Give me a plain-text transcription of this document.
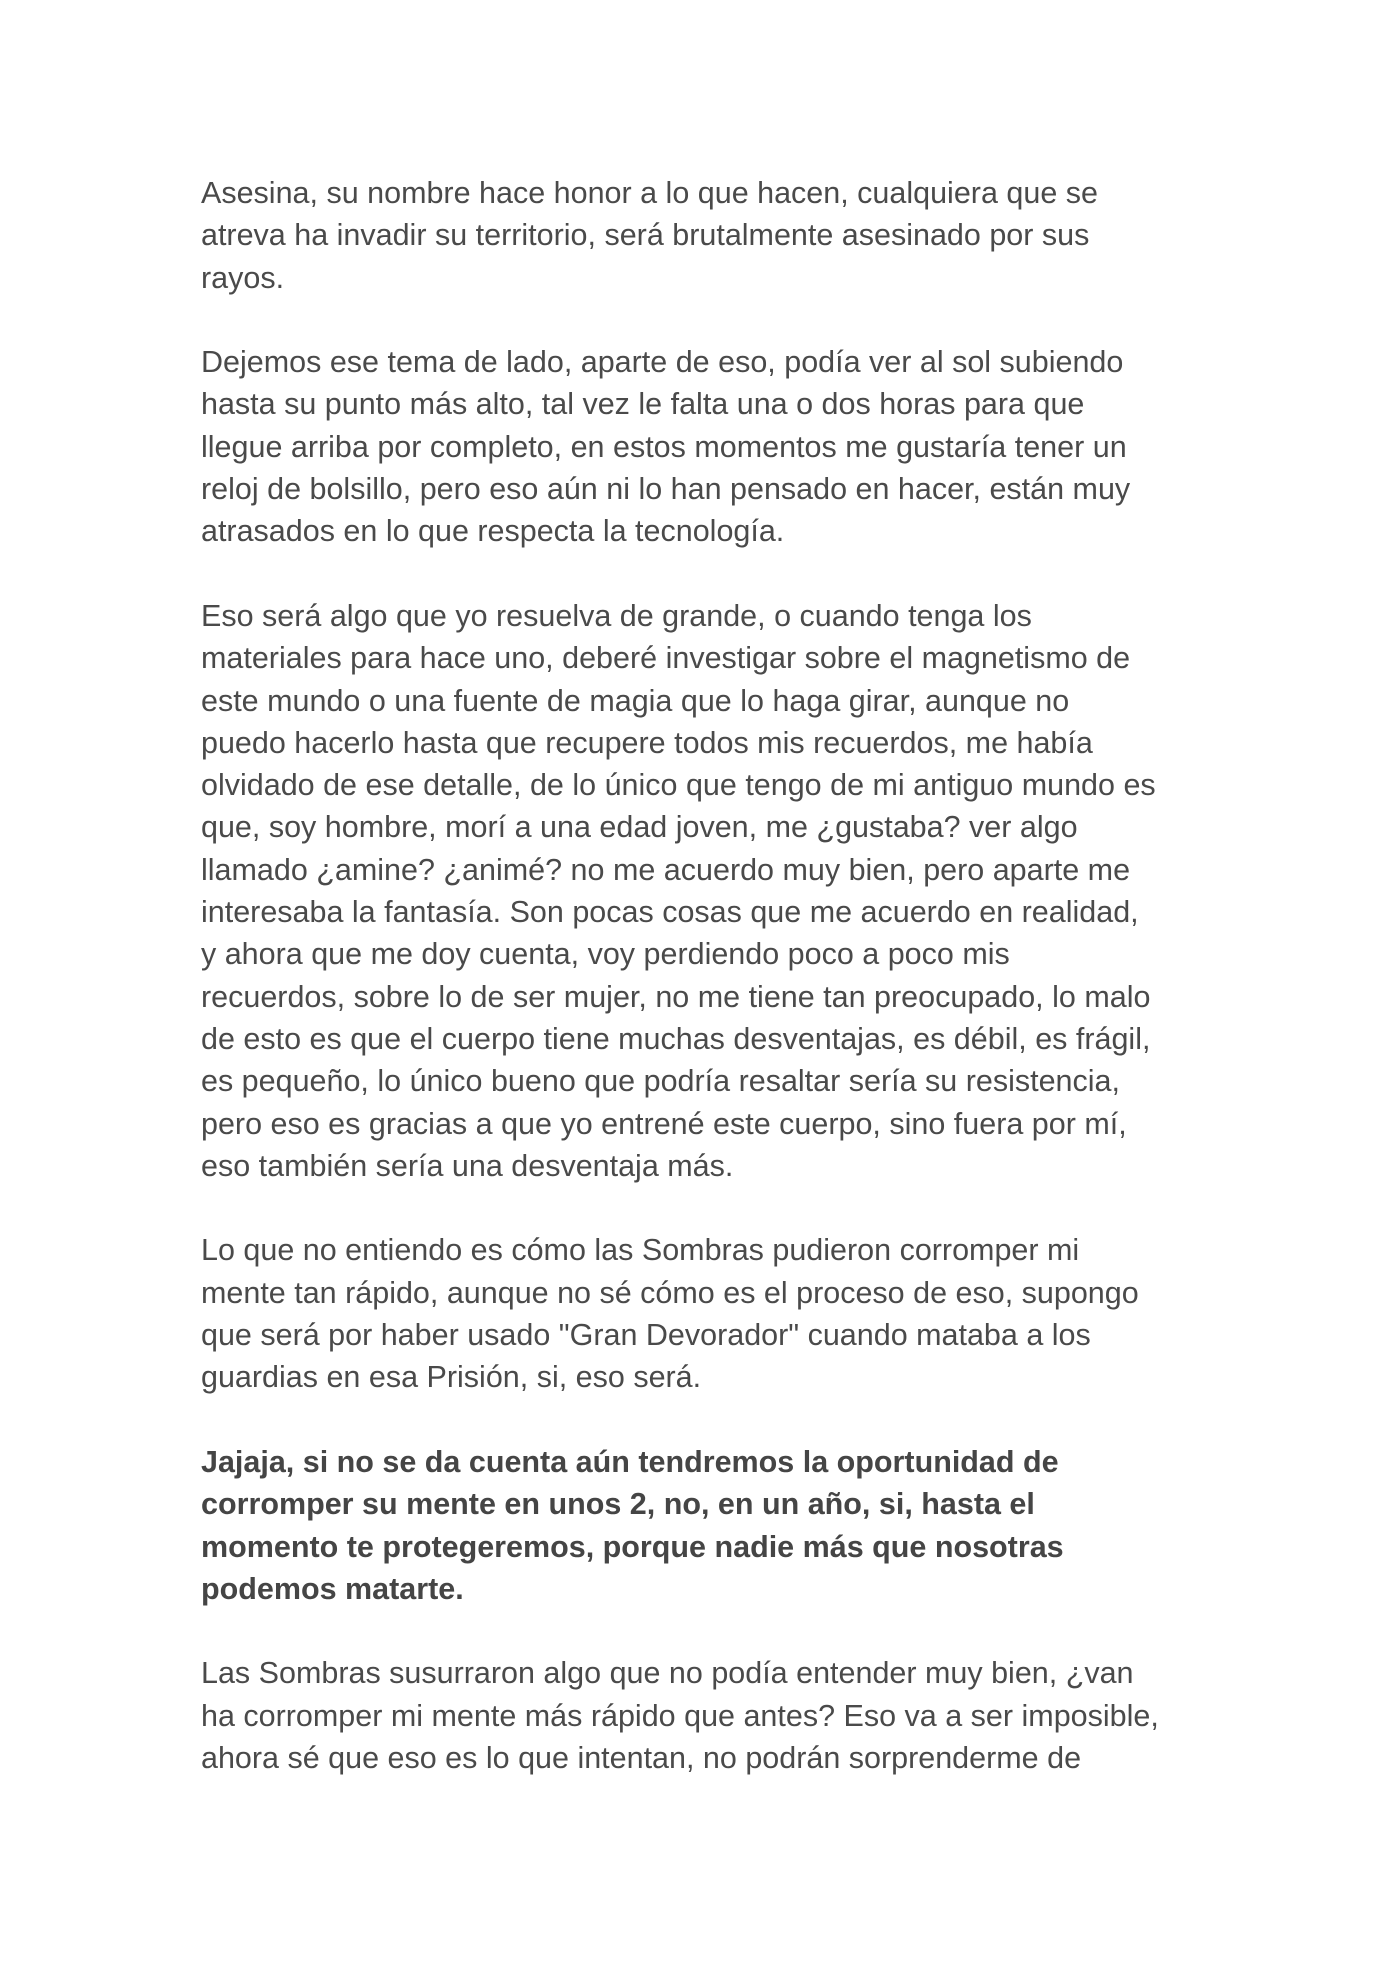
Asesina, su nombre hace honor a lo que hacen, cualquiera que se
atreva ha invadir su territorio, será brutalmente asesinado por sus
rayos.

Dejemos ese tema de lado, aparte de eso, podía ver al sol subiendo
hasta su punto más alto, tal vez le falta una o dos horas para que
llegue arriba por completo, en estos momentos me gustaría tener un
reloj de bolsillo, pero eso aún ni lo han pensado en hacer, están muy
atrasados en lo que respecta la tecnología.

Eso será algo que yo resuelva de grande, o cuando tenga los
materiales para hace uno, deberé investigar sobre el magnetismo de
este mundo o una fuente de magia que lo haga girar, aunque no
puedo hacerlo hasta que recupere todos mis recuerdos, me había
olvidado de ese detalle, de lo único que tengo de mi antiguo mundo es
que, soy hombre, morí a una edad joven, me ¿gustaba? ver algo
llamado ¿amine? ¿animé? no me acuerdo muy bien, pero aparte me
interesaba la fantasía. Son pocas cosas que me acuerdo en realidad,
y ahora que me doy cuenta, voy perdiendo poco a poco mis
recuerdos, sobre lo de ser mujer, no me tiene tan preocupado, lo malo
de esto es que el cuerpo tiene muchas desventajas, es débil, es frágil,
es pequeño, lo único bueno que podría resaltar sería su resistencia,
pero eso es gracias a que yo entrené este cuerpo, sino fuera por mí,
eso también sería una desventaja más.

Lo que no entiendo es cómo las Sombras pudieron corromper mi
mente tan rápido, aunque no sé cómo es el proceso de eso, supongo
que será por haber usado "Gran Devorador" cuando mataba a los
guardias en esa Prisión, si, eso será.

Jajaja, si no se da cuenta aún tendremos la oportunidad de
corromper su mente en unos 2, no, en un año, si, hasta el
momento te protegeremos, porque nadie más que nosotras
podemos matarte.

Las Sombras susurraron algo que no podía entender muy bien, ¿van
ha corromper mi mente más rápido que antes? Eso va a ser imposible,
ahora sé que eso es lo que intentan, no podrán sorprenderme de
